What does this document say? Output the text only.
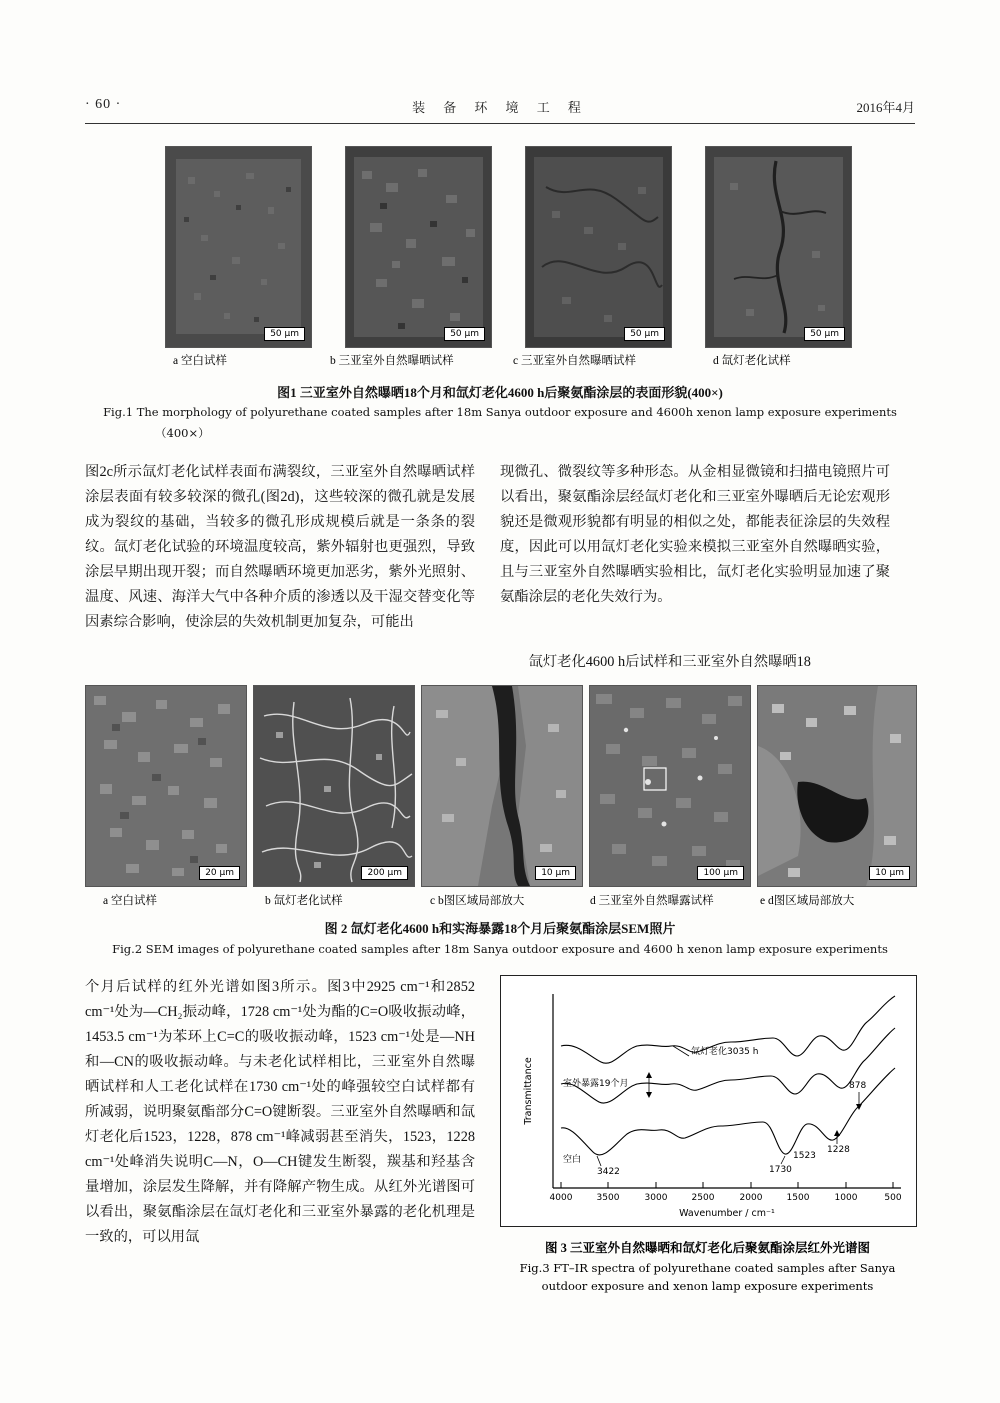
· 60 ·	装 备 环 境 工 程	2016年4月
50 μm	50 μm	50 μm	50 μm
a 空白试样	b 三亚室外自然曝晒试样	c 三亚室外自然曝晒试样	d 氙灯老化试样
图1 三亚室外自然曝晒18个月和氙灯老化4600 h后聚氨酯涂层的表面形貌(400×)
Fig.1 The morphology of polyurethane coated samples after 18m Sanya outdoor exposure and 4600h xenon lamp exposure experiments
（400×）
图2c所示氙灯老化试样表面布满裂纹，三亚室外自然曝晒试样涂层表面有较多较深的微孔(图2d)，这些较深的微孔就是发展成为裂纹的基础，当较多的微孔形成规模后就是一条条的裂纹。氙灯老化试验的环境温度较高，紫外辐射也更强烈，导致涂层早期出现开裂；而自然曝晒环境更加恶劣，紫外光照射、温度、风速、海洋大气中各种介质的渗透以及干湿交替变化等因素综合影响，使涂层的失效机制更加复杂，可能出
现微孔、微裂纹等多种形态。从金相显微镜和扫描电镜照片可以看出，聚氨酯涂层经氙灯老化和三亚室外曝晒后无论宏观形貌还是微观形貌都有明显的相似之处，都能表征涂层的失效程度，因此可以用氙灯老化实验来模拟三亚室外自然曝晒实验，且与三亚室外自然曝晒实验相比，氙灯老化实验明显加速了聚氨酯涂层的老化失效行为。
氙灯老化4600 h后试样和三亚室外自然曝晒18
20 μm	200 μm	10 μm	100 μm	10 μm
a 空白试样	b 氙灯老化试样	c b图区域局部放大	d 三亚室外自然曝露试样	e d图区域局部放大
图 2 氙灯老化4600 h和实海暴露18个月后聚氨酯涂层SEM照片
Fig.2 SEM images of polyurethane coated samples after 18m Sanya outdoor exposure and 4600 h xenon lamp exposure experiments
个月后试样的红外光谱如图3所示。图3中2925 cm⁻¹和2852 cm⁻¹处为—CH₂振动峰，1728 cm⁻¹处为酯的C=O吸收振动峰，1453.5 cm⁻¹为苯环上C=C的吸收振动峰，1523 cm⁻¹处是—NH和—CN的吸收振动峰。与未老化试样相比，三亚室外自然曝晒试样和人工老化试样在1730 cm⁻¹处的峰强较空白试样都有所减弱，说明聚氨酯部分C=O键断裂。三亚室外自然曝晒和氙灯老化后1523，1228，878 cm⁻¹峰减弱甚至消失，1523，1228 cm⁻¹处峰消失说明C—N，O—CH键发生断裂，羰基和羟基含量增加，涂层发生降解，并有降解产物生成。从红外光谱图可以看出，聚氨酯涂层在氙灯老化和三亚室外暴露的老化机理是一致的，可以用氙
4000	3500	3000	2500	2000	1500	1000	500
Wavenumber / cm⁻¹
Transmittance
氙灯老化3035 h
室外暴露19个月
空白
3422	1730
1523
1228
878
图 3 三亚室外自然曝晒和氙灯老化后聚氨酯涂层红外光谱图
Fig.3 FT–IR spectra of polyurethane coated samples after Sanya
outdoor exposure and xenon lamp exposure experiments
